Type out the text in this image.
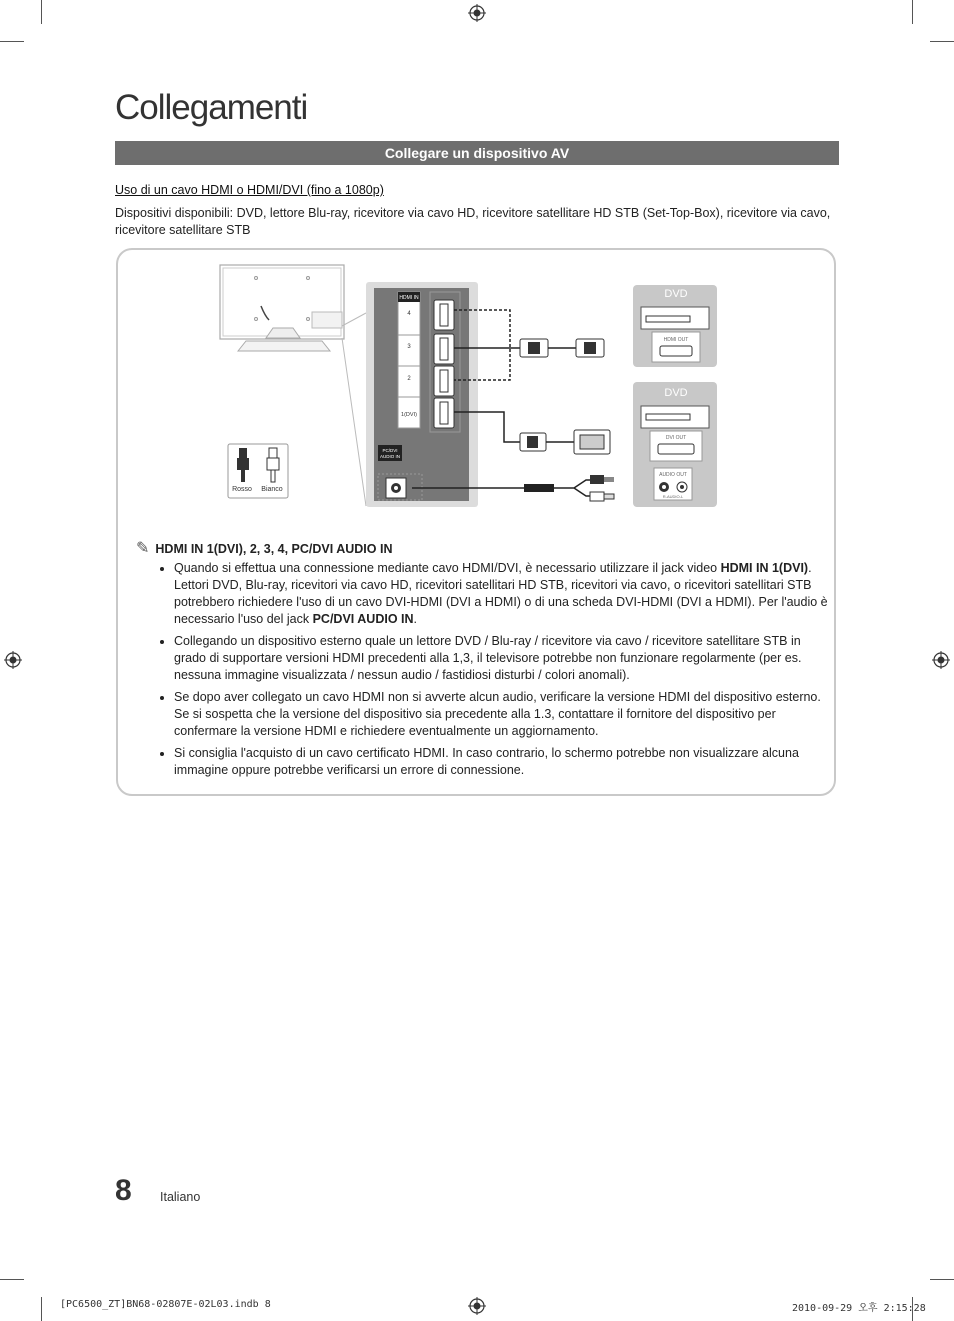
Collegamenti
Collegare un dispositivo AV
Uso di un cavo HDMI o HDMI/DVI (fino a 1080p)
Dispositivi disponibili: DVD, lettore Blu-ray, ricevitore via cavo HD, ricevitore satellitare HD STB (Set-Top-Box), ricevitore via cavo, ricevitore satellitare STB
HDMI IN
4
3
2
1(DVI)
PC/DVI
AUDIO IN
DVD
HDMI OUT
DVD
DVI OUT
AUDIO OUT
R-AUDIO-L
Rosso Bianco
✎ HDMI IN 1(DVI), 2, 3, 4, PC/DVI AUDIO IN
• Quando si effettua una connessione mediante cavo HDMI/DVI, è necessario utilizzare il jack video HDMI IN 1(DVI). Lettori DVD, Blu-ray, ricevitori via cavo HD, ricevitori satellitari HD STB, ricevitori via cavo, o ricevitori satellitari STB potrebbero richiedere l'uso di un cavo DVI-HDMI (DVI a HDMI) o di una scheda DVI-HDMI (DVI a HDMI). Per l'audio è necessario l'uso del jack PC/DVI AUDIO IN.
• Collegando un dispositivo esterno quale un lettore DVD / Blu-ray / ricevitore via cavo / ricevitore satellitare STB in grado di supportare versioni HDMI precedenti alla 1,3, il televisore potrebbe non funzionare regolarmente (per es. nessuna immagine visualizzata / nessun audio / fastidiosi disturbi / colori anomali).
• Se dopo aver collegato un cavo HDMI non si avverte alcun audio, verificare la versione HDMI del dispositivo esterno. Se si sospetta che la versione del dispositivo sia precedente alla 1.3, contattare il fornitore del dispositivo per confermare la versione HDMI e richiedere eventualmente un aggiornamento.
• Si consiglia l'acquisto di un cavo certificato HDMI. In caso contrario, lo schermo potrebbe non visualizzare alcuna immagine oppure potrebbe verificarsi un errore di connessione.
8 Italiano
[PC6500_ZT]BN68-02807E-02L03.indb 8	2010-09-29 오후 2:15:28
